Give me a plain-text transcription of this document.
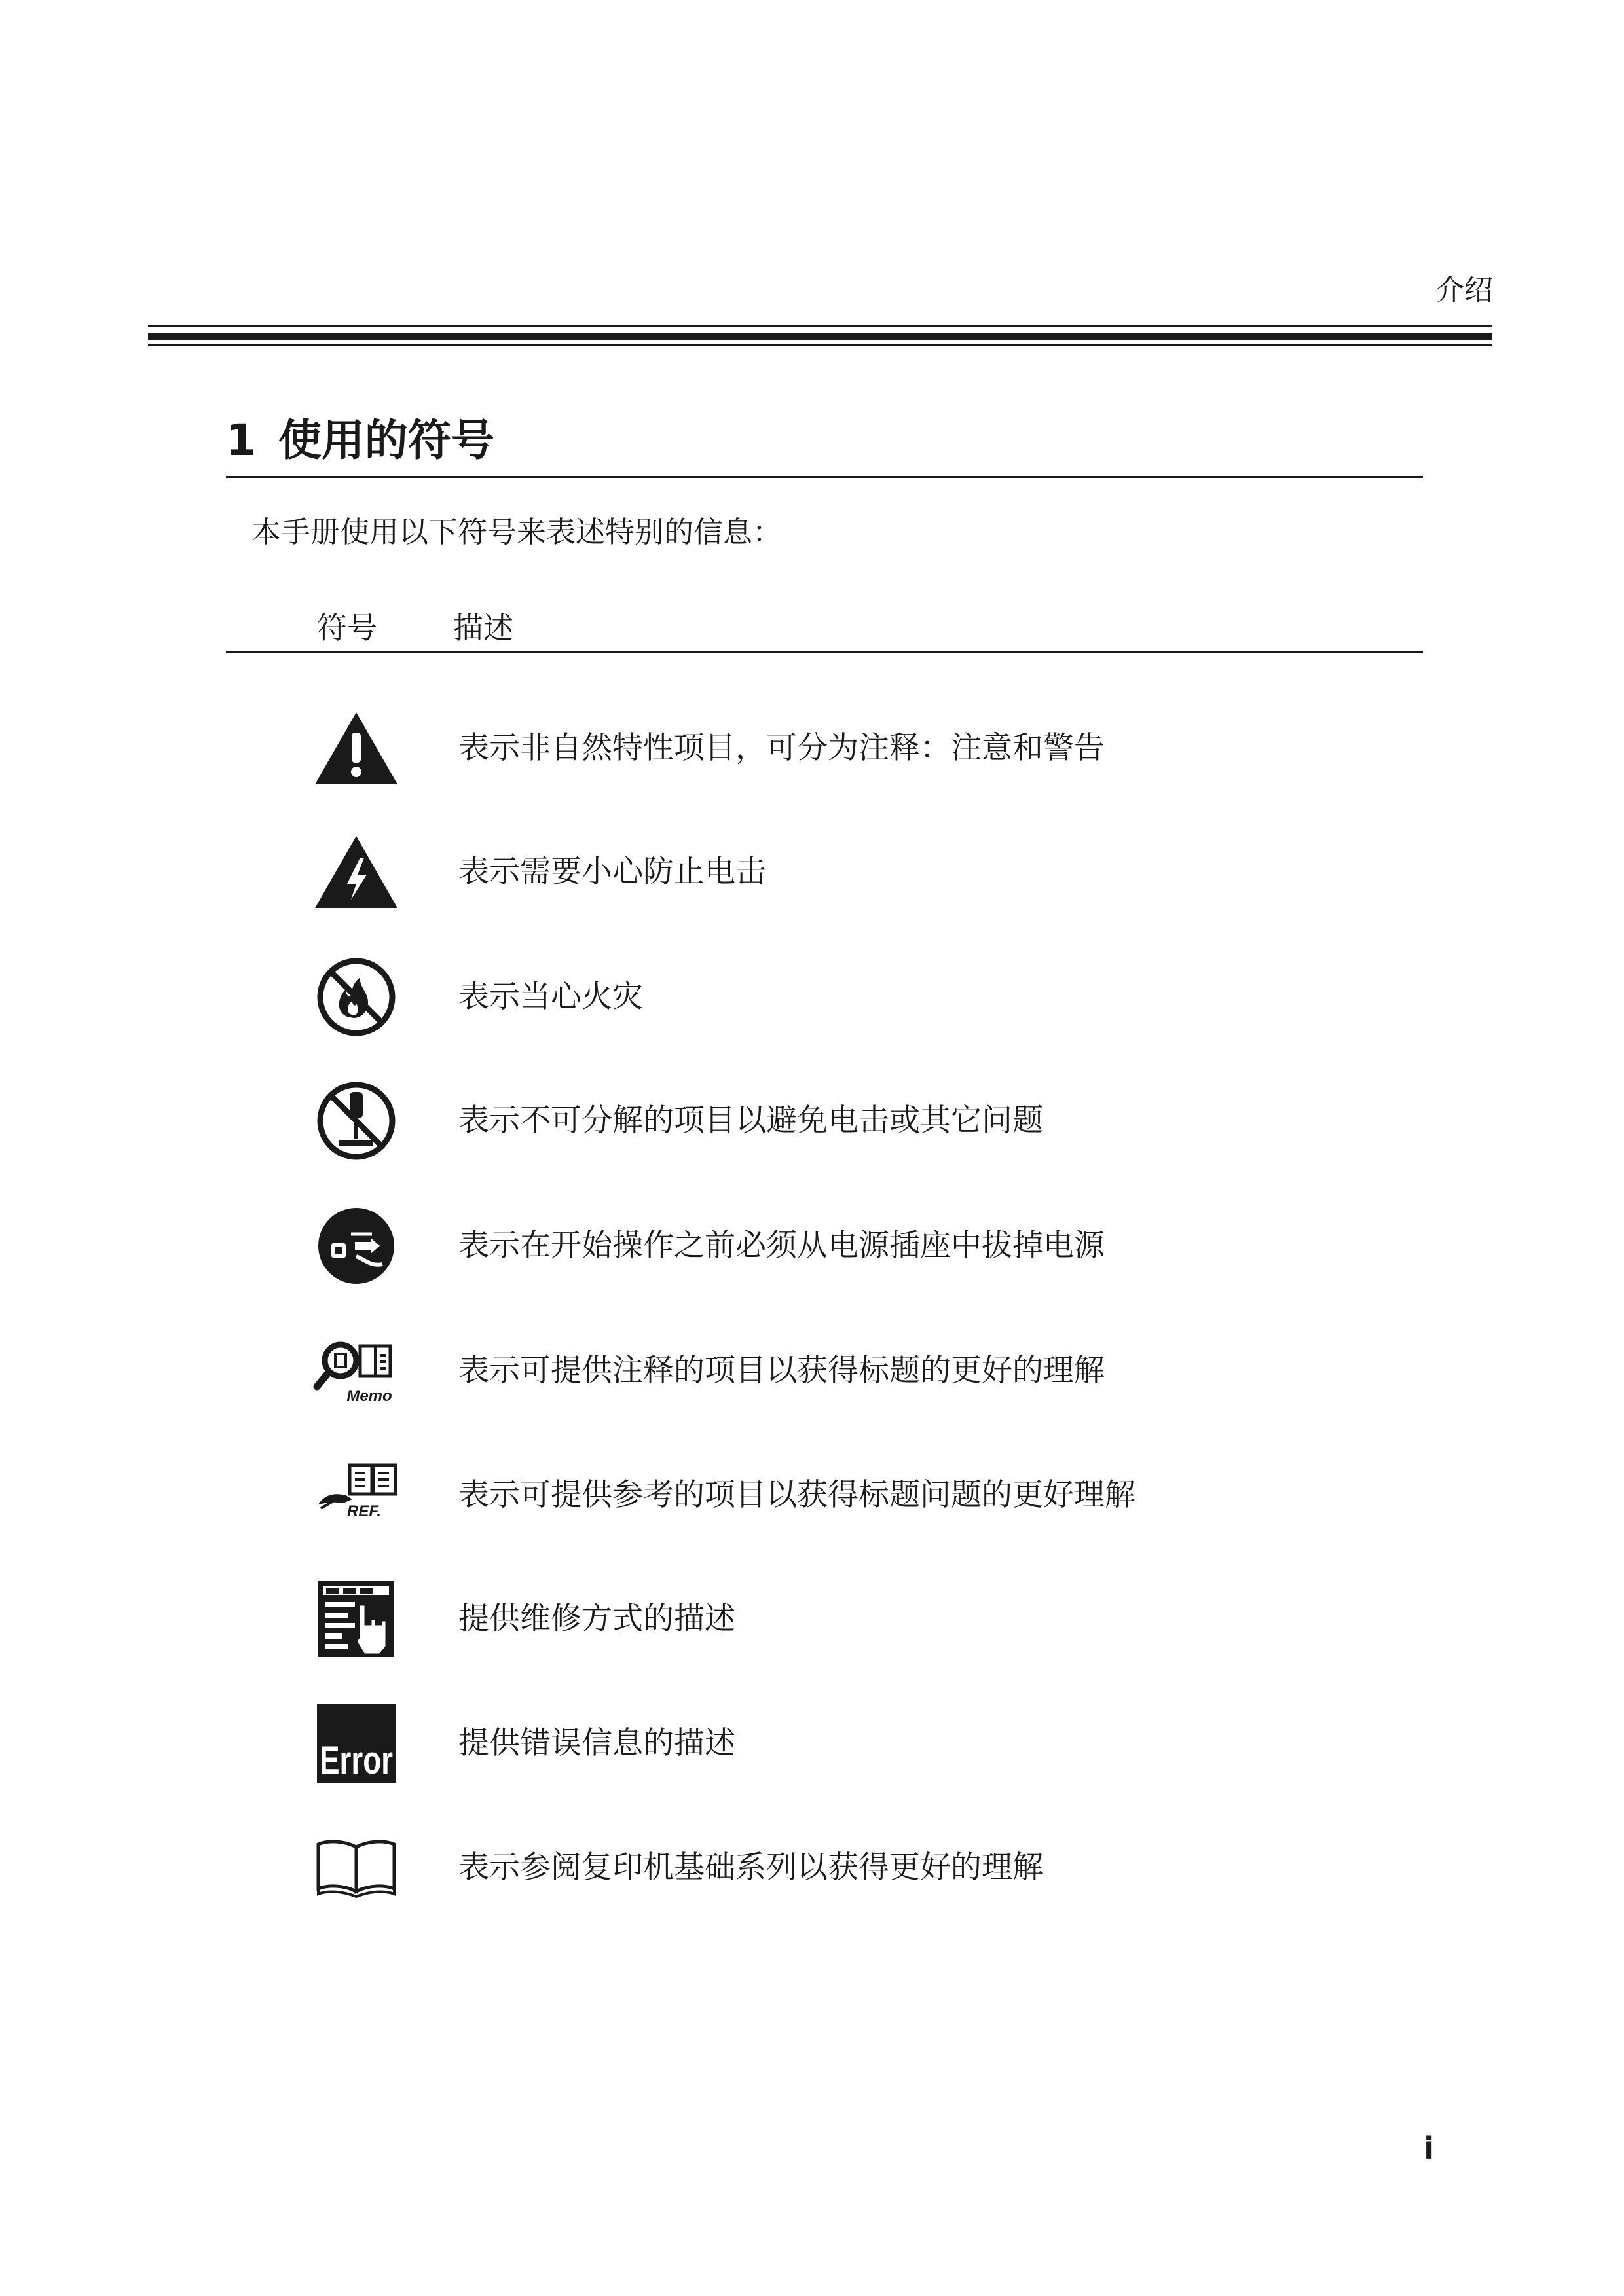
介绍
1 使用的符号
本手册使用以下符号来表述特别的信息：
符号	描述
表示非自然特性项目，可分为注释：注意和警告
表示需要小心防止电击
表示当心火灾
表示不可分解的项目以避免电击或其它问题
表示在开始操作之前必须从电源插座中拔掉电源
Memo
表示可提供注释的项目以获得标题的更好的理解
REF.	表示可提供参考的项目以获得标题问题的更好理解
提供维修方式的描述
Error 提供错误信息的描述
表示参阅复印机基础系列以获得更好的理解
i
